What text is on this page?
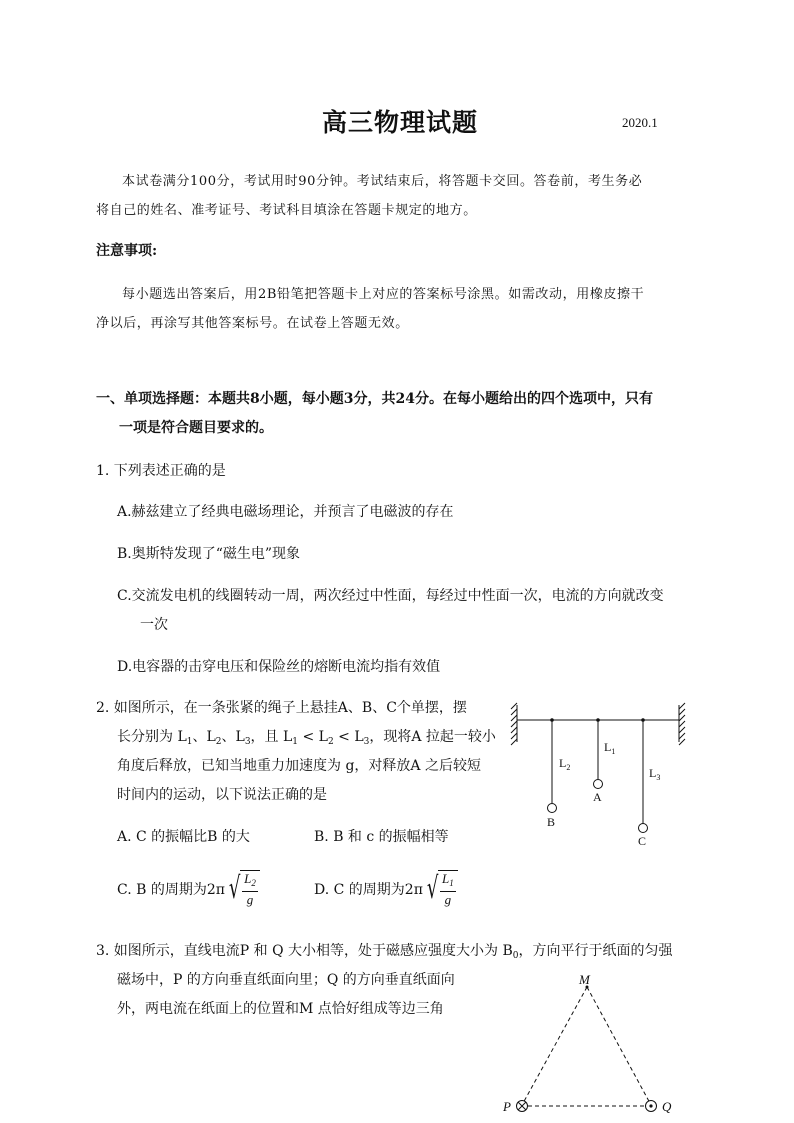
高三物理试题	2020.1
本试卷满分100分，考试用时90分钟。考试结束后，将答题卡交回。答卷前，考生务必
将自己的姓名、准考证号、考试科目填涂在答题卡规定的地方。
注意事项:
每小题选出答案后，用2B铅笔把答题卡上对应的答案标号涂黑。如需改动，用橡皮擦干
净以后，再涂写其他答案标号。在试卷上答题无效。
一、单项选择题：本题共8小题，每小题3分，共24分。在每小题给出的四个选项中，只有
一项是符合题目要求的。
1. 下列表述正确的是
A.赫兹建立了经典电磁场理论，并预言了电磁波的存在
B.奥斯特发现了“磁生电”现象
C.交流发电机的线圈转动一周，两次经过中性面，每经过中性面一次，电流的方向就改变
一次
D.电容器的击穿电压和保险丝的熔断电流均指有效值
2. 如图所示，在一条张紧的绳子上悬挂A、B、C个单摆，摆
长分别为 $L_1$、$L_2$、$L_3$，且 $L_1 < L_2 < L_3$，现将A 拉起一较小
角度后释放，已知当地重力加速度为 g，对释放A 之后较短
时间内的运动，以下说法正确的是
A. C 的振幅比B 的大	B. B 和 c 的振幅相等
C. B 的周期为2π √ $\frac{L_2}{g}$	D. C 的周期为2π √ $\frac{L_1}{g}$
$L_2$
$L_1$
$L_3$
A
B
C
3. 如图所示，直线电流P 和 Q 大小相等，处于磁感应强度大小为 $B_0$，方向平行于纸面的匀强
磁场中，P 的方向垂直纸面向里；Q 的方向垂直纸面向
外，两电流在纸面上的位置和M 点恰好组成等边三角
M
P	Q
